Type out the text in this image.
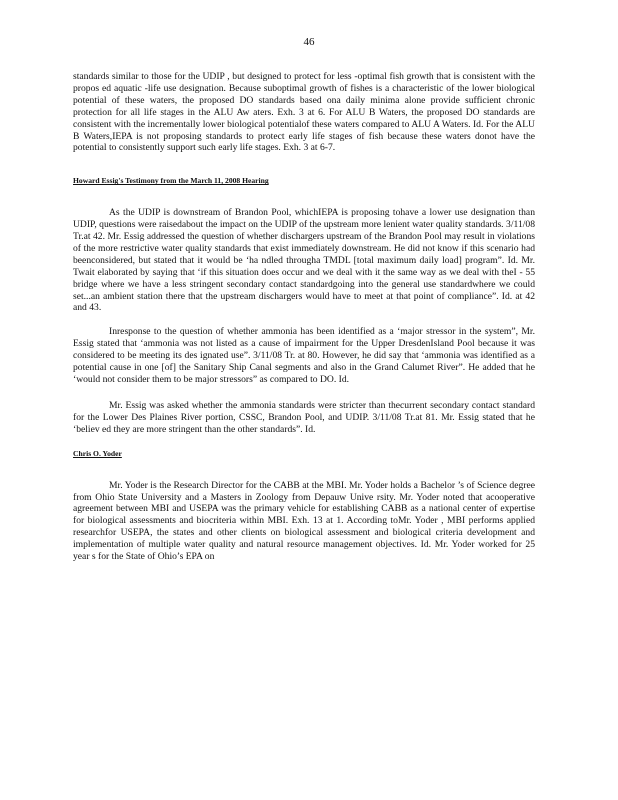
46

standards similar to those for the UDIP , but designed to protect for less -optimal fish growth that is consistent with the propos ed aquatic -life use designation. Because suboptimal growth of fishes is a characteristic of the lower biological potential of these waters, the proposed DO standards based ona daily minima alone provide sufficient chronic protection for all life stages in the ALU Aw aters. Exh. 3 at 6. For ALU B Waters, the proposed DO standards are consistent with the incrementally lower biological potentialof these waters compared to ALU A Waters. Id. For the ALU B Waters,IEPA is not proposing standards to protect early life stages of fish because these waters donot have the potential to consistently support such early life stages. Exh. 3 at 6-7.

Howard Essig's Testimony from the March 11, 2008 Hearing

As the UDIP is downstream of Brandon Pool, whichIEPA is proposing tohave a lower use designation than UDIP, questions were raisedabout the impact on the UDIP of the upstream more lenient water quality standards. 3/11/08 Tr.at 42. Mr. Essig addressed the question of whether dischargers upstream of the Brandon Pool may result in violations of the more restrictive water quality standards that exist immediately downstream. He did not know if this scenario had beenconsidered, but stated that it would be ‘ha ndled througha TMDL [total maximum daily load] program”. Id. Mr. Twait elaborated by saying that ‘if this situation does occur and we deal with it the same way as we deal with theI - 55 bridge where we have a less stringent secondary contact standardgoing into the general use standardwhere we could set...an ambient station there that the upstream dischargers would have to meet at that point of compliance”. Id. at 42 and 43.

Inresponse to the question of whether ammonia has been identified as a ‘major stressor in the system”, Mr. Essig stated that ‘ammonia was not listed as a cause of impairment for the Upper DresdenIsland Pool because it was considered to be meeting its des ignated use”. 3/11/08 Tr. at 80. However, he did say that ‘ammonia was identified as a potential cause in one [of] the Sanitary Ship Canal segments and also in the Grand Calumet River”. He added that he ‘would not consider them to be major stressors” as compared to DO. Id.

Mr. Essig was asked whether the ammonia standards were stricter than thecurrent secondary contact standard for the Lower Des Plaines River portion, CSSC, Brandon Pool, and UDIP. 3/11/08 Tr.at 81. Mr. Essig stated that he ‘believ ed they are more stringent than the other standards”. Id.

Chris O. Yoder

Mr. Yoder is the Research Director for the CABB at the MBI. Mr. Yoder holds a Bachelor ’s of Science degree from Ohio State University and a Masters in Zoology from Depauw Unive rsity. Mr. Yoder noted that acooperative agreement between MBI and USEPA was the primary vehicle for establishing CABB as a national center of expertise for biological assessments and biocriteria within MBI. Exh. 13 at 1. According toMr. Yoder , MBI performs applied researchfor USEPA, the states and other clients on biological assessment and biological criteria development and implementation of multiple water quality and natural resource management objectives. Id. Mr. Yoder worked for 25 year s for the State of Ohio’s EPA on
